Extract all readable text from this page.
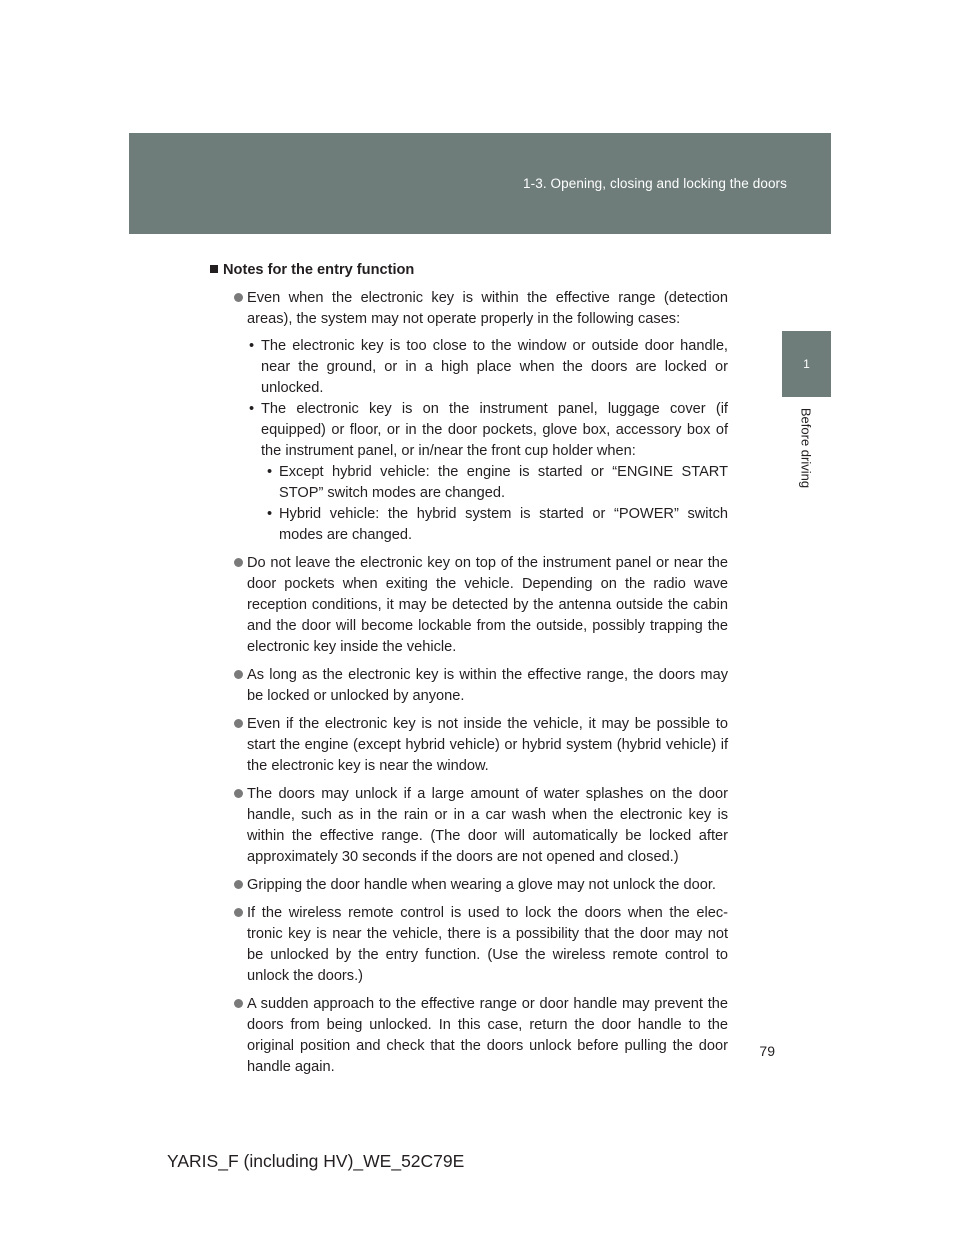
1-3. Opening, closing and locking the doors
1
Before driving
Notes for the entry function
Even when the electronic key is within the effective range (detection areas), the system may not operate properly in the following cases:
• The electronic key is too close to the window or outside door handle, near the ground, or in a high place when the doors are locked or unlocked.
• The electronic key is on the instrument panel, luggage cover (if equipped) or floor, or in the door pockets, glove box, accessory box of the instrument panel, or in/near the front cup holder when:
• Except hybrid vehicle: the engine is started or “ENGINE START STOP” switch modes are changed.
• Hybrid vehicle: the hybrid system is started or “POWER” switch modes are changed.
Do not leave the electronic key on top of the instrument panel or near the door pockets when exiting the vehicle. Depending on the radio wave reception conditions, it may be detected by the antenna outside the cabin and the door will become lockable from the outside, possibly trapping the electronic key inside the vehicle.
As long as the electronic key is within the effective range, the doors may be locked or unlocked by anyone.
Even if the electronic key is not inside the vehicle, it may be possible to start the engine (except hybrid vehicle) or hybrid system (hybrid vehicle) if the electronic key is near the window.
The doors may unlock if a large amount of water splashes on the door handle, such as in the rain or in a car wash when the electronic key is within the effective range. (The door will automatically be locked after approximately 30 seconds if the doors are not opened and closed.)
Gripping the door handle when wearing a glove may not unlock the door.
If the wireless remote control is used to lock the doors when the elec-tronic key is near the vehicle, there is a possibility that the door may not be unlocked by the entry function. (Use the wireless remote control to unlock the doors.)
A sudden approach to the effective range or door handle may prevent the doors from being unlocked. In this case, return the door handle to the original position and check that the doors unlock before pulling the door handle again.
79
YARIS_F (including HV)_WE_52C79E
